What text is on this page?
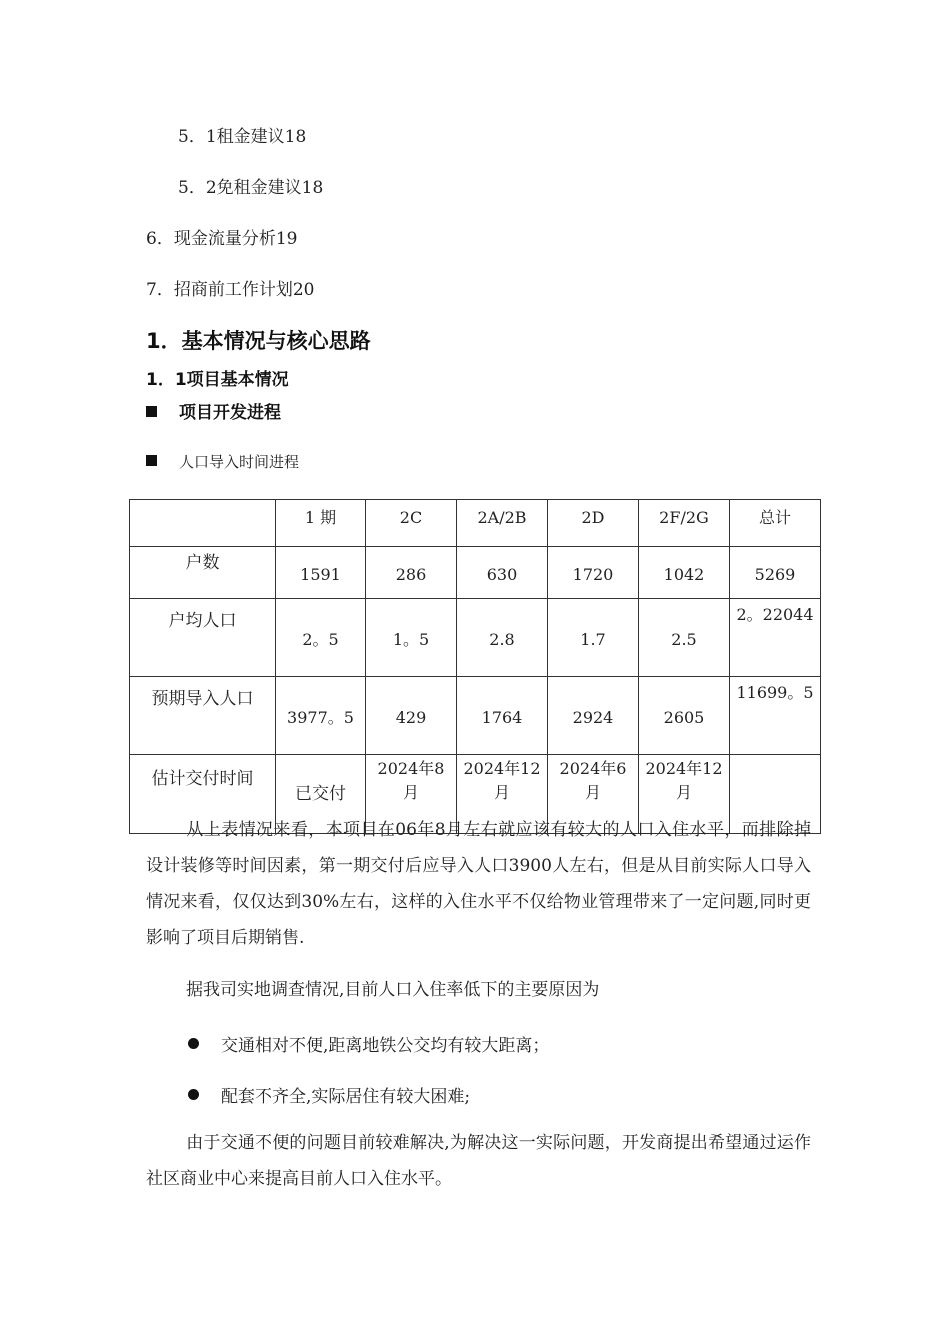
5．1租金建议18
5．2免租金建议18
6．现金流量分析19
7．招商前工作计划20
1．基本情况与核心思路
1．1项目基本情况
项目开发进程
人口导入时间进程
	1 期	2C	2A/2B	2D	2F/2G	总计
户数	1591	286	630	1720	1042	5269
户均人口	2。5	1。5	2.8	1.7	2.5	2。22044
预期导入人口	3977。5	429	1764	2924	2605	11699。5
估计交付时间	已交付	2024年8月	2024年12月	2024年6月	2024年12月	
从上表情况来看，本项目在06年8月左右就应该有较大的人口入住水平，而排除掉设计装修等时间因素，第一期交付后应导入人口3900人左右，但是从目前实际人口导入情况来看，仅仅达到30%左右，这样的入住水平不仅给物业管理带来了一定问题,同时更影响了项目后期销售.
据我司实地调查情况,目前人口入住率低下的主要原因为
交通相对不便,距离地铁公交均有较大距离；
配套不齐全,实际居住有较大困难;
由于交通不便的问题目前较难解决,为解决这一实际问题，开发商提出希望通过运作社区商业中心来提高目前人口入住水平。
